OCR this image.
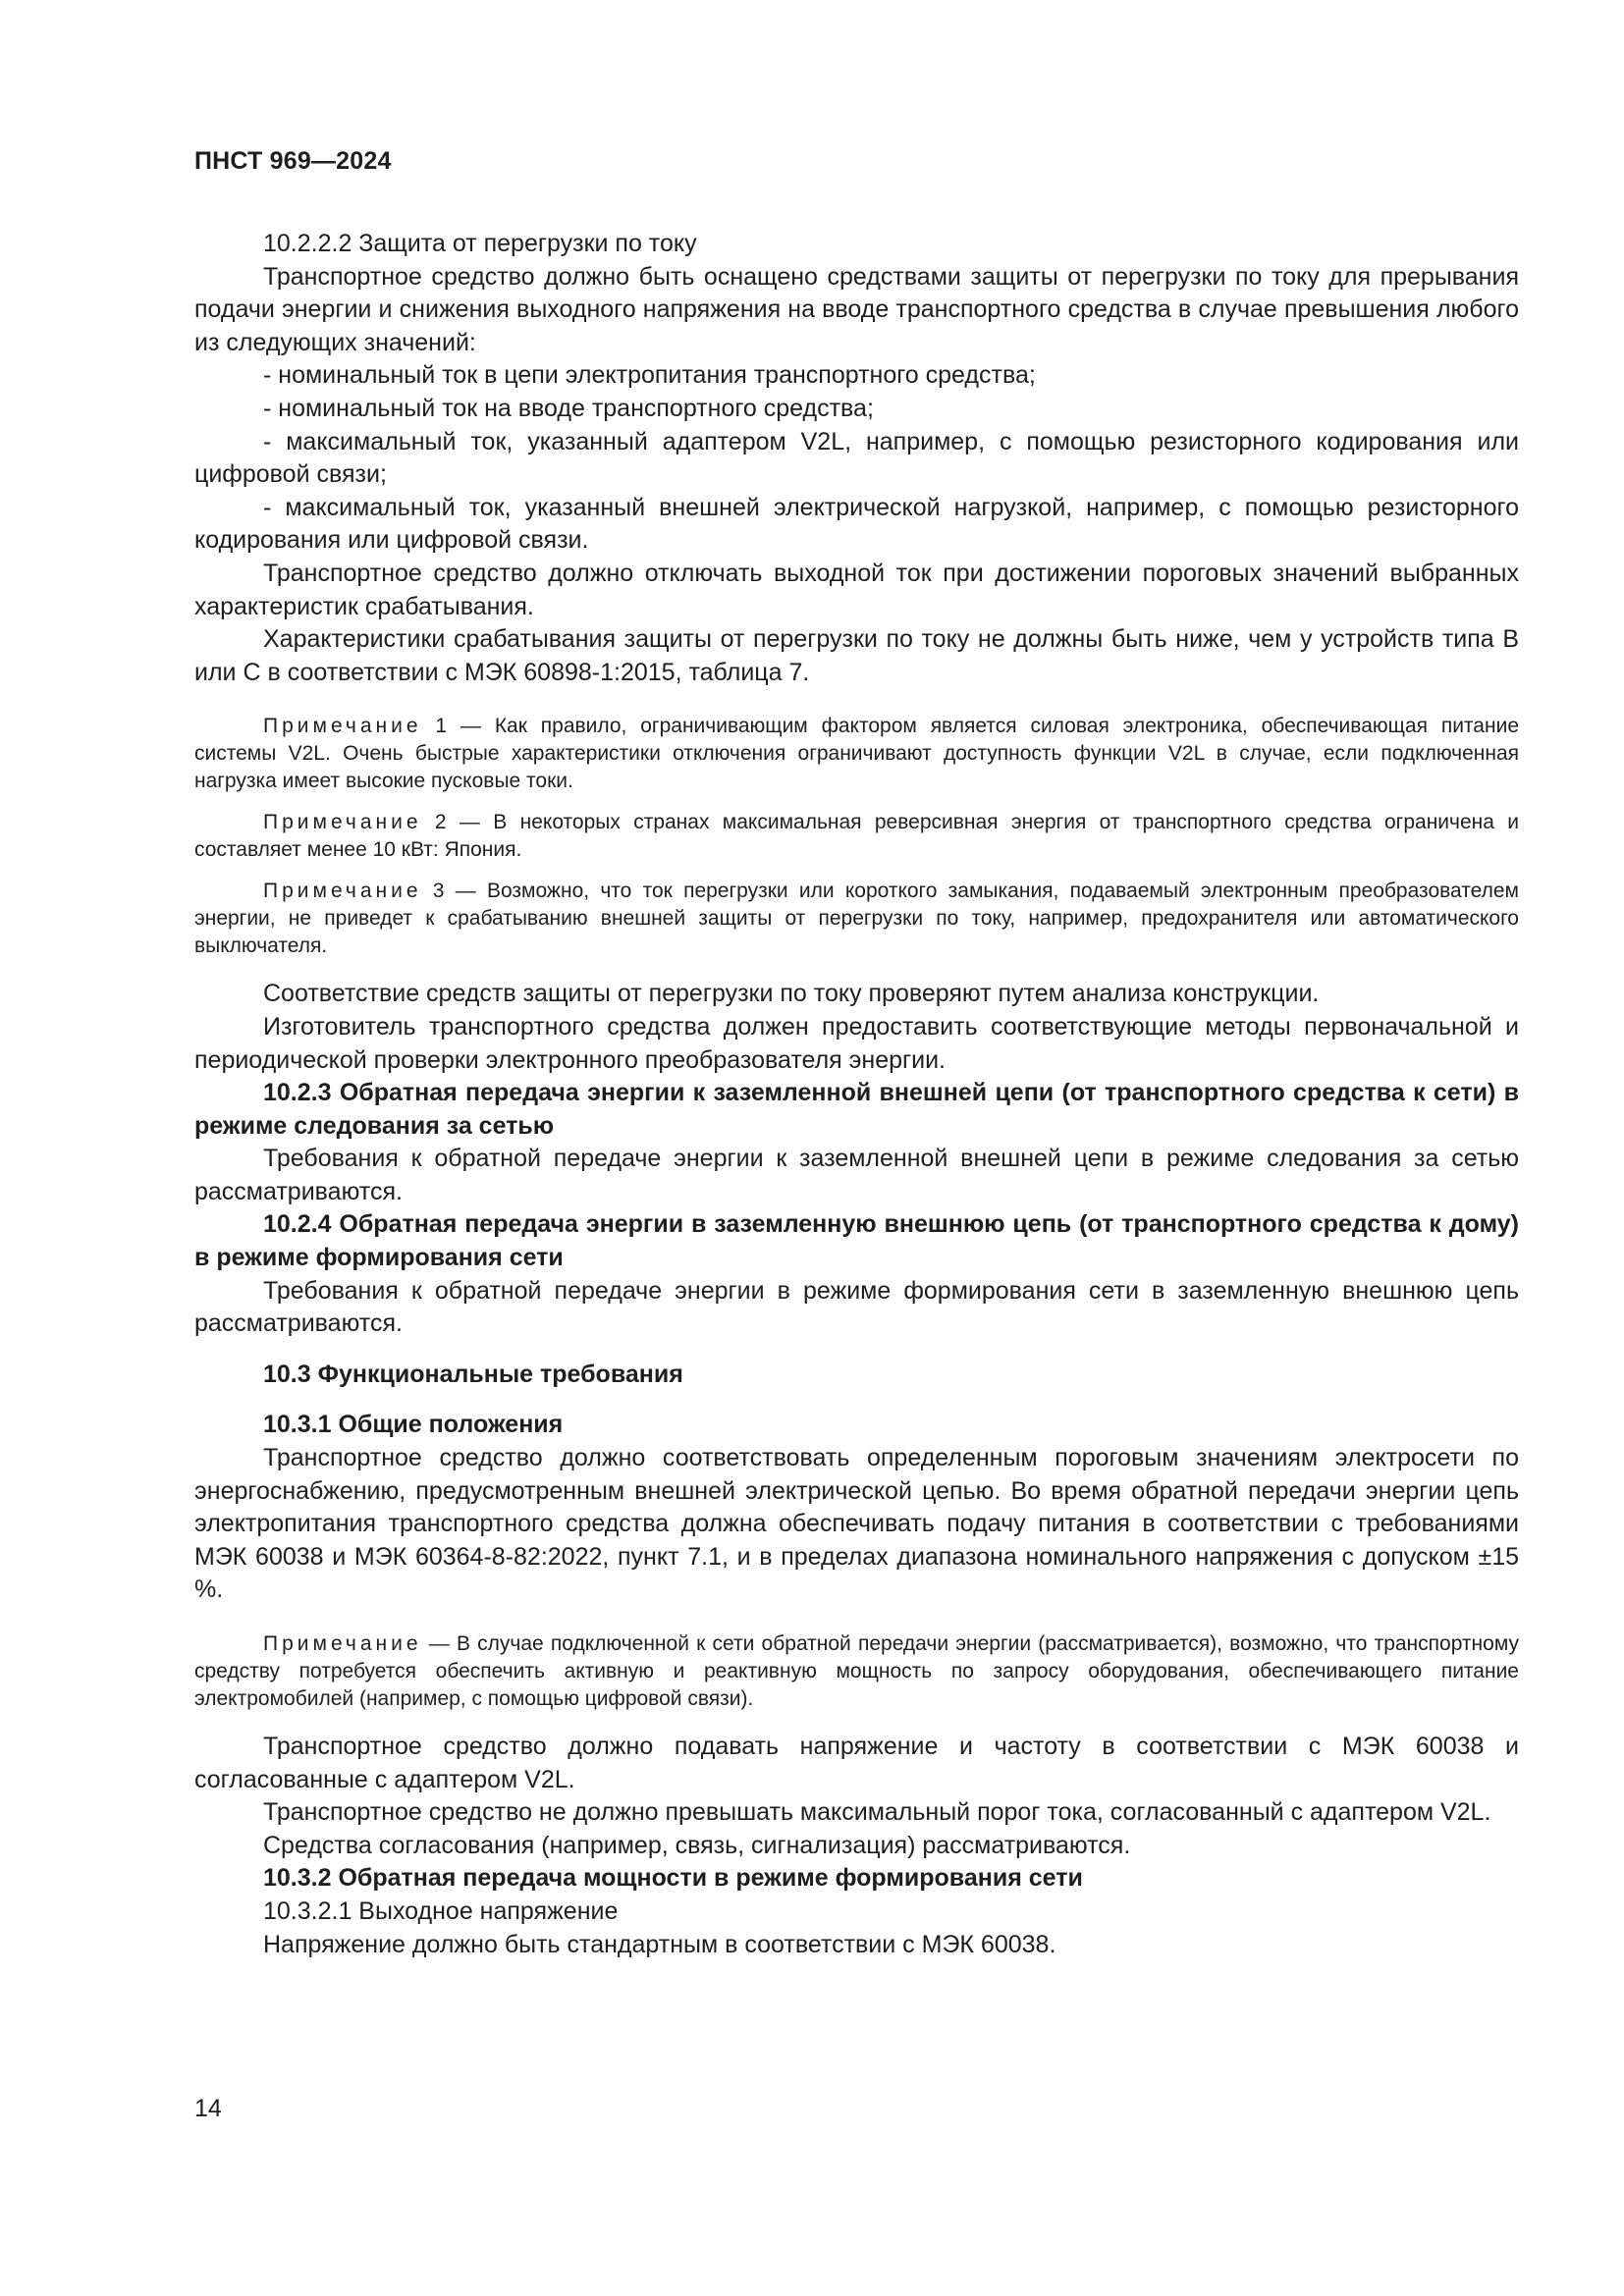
ПНСТ 969—2024

10.2.2.2 Защита от перегрузки по току

Транспортное средство должно быть оснащено средствами защиты от перегрузки по току для прерывания подачи энергии и снижения выходного напряжения на вводе транспортного средства в случае превышения любого из следующих значений:

- номинальный ток в цепи электропитания транспортного средства;

- номинальный ток на вводе транспортного средства;

- максимальный ток, указанный адаптером V2L, например, с помощью резисторного кодирования или цифровой связи;

- максимальный ток, указанный внешней электрической нагрузкой, например, с помощью резисторного кодирования или цифровой связи.

Транспортное средство должно отключать выходной ток при достижении пороговых значений выбранных характеристик срабатывания.

Характеристики срабатывания защиты от перегрузки по току не должны быть ниже, чем у устройств типа В или С в соответствии с МЭК 60898-1:2015, таблица 7.

Примечание 1 — Как правило, ограничивающим фактором является силовая электроника, обеспечивающая питание системы V2L. Очень быстрые характеристики отключения ограничивают доступность функции V2L в случае, если подключенная нагрузка имеет высокие пусковые токи.

Примечание 2 — В некоторых странах максимальная реверсивная энергия от транспортного средства ограничена и составляет менее 10 кВт: Япония.

Примечание 3 — Возможно, что ток перегрузки или короткого замыкания, подаваемый электронным преобразователем энергии, не приведет к срабатыванию внешней защиты от перегрузки по току, например, предохранителя или автоматического выключателя.

Соответствие средств защиты от перегрузки по току проверяют путем анализа конструкции.

Изготовитель транспортного средства должен предоставить соответствующие методы первоначальной и периодической проверки электронного преобразователя энергии.

10.2.3 Обратная передача энергии к заземленной внешней цепи (от транспортного средства к сети) в режиме следования за сетью

Требования к обратной передаче энергии к заземленной внешней цепи в режиме следования за сетью рассматриваются.

10.2.4 Обратная передача энергии в заземленную внешнюю цепь (от транспортного средства к дому) в режиме формирования сети

Требования к обратной передаче энергии в режиме формирования сети в заземленную внешнюю цепь рассматриваются.

10.3 Функциональные требования

10.3.1 Общие положения

Транспортное средство должно соответствовать определенным пороговым значениям электросети по энергоснабжению, предусмотренным внешней электрической цепью. Во время обратной передачи энергии цепь электропитания транспортного средства должна обеспечивать подачу питания в соответствии с требованиями МЭК 60038 и МЭК 60364-8-82:2022, пункт 7.1, и в пределах диапазона номинального напряжения с допуском ±15 %.

Примечание — В случае подключенной к сети обратной передачи энергии (рассматривается), возможно, что транспортному средству потребуется обеспечить активную и реактивную мощность по запросу оборудования, обеспечивающего питание электромобилей (например, с помощью цифровой связи).

Транспортное средство должно подавать напряжение и частоту в соответствии с МЭК 60038 и согласованные с адаптером V2L.

Транспортное средство не должно превышать максимальный порог тока, согласованный с адаптером V2L.

Средства согласования (например, связь, сигнализация) рассматриваются.

10.3.2 Обратная передача мощности в режиме формирования сети

10.3.2.1 Выходное напряжение

Напряжение должно быть стандартным в соответствии с МЭК 60038.

14
